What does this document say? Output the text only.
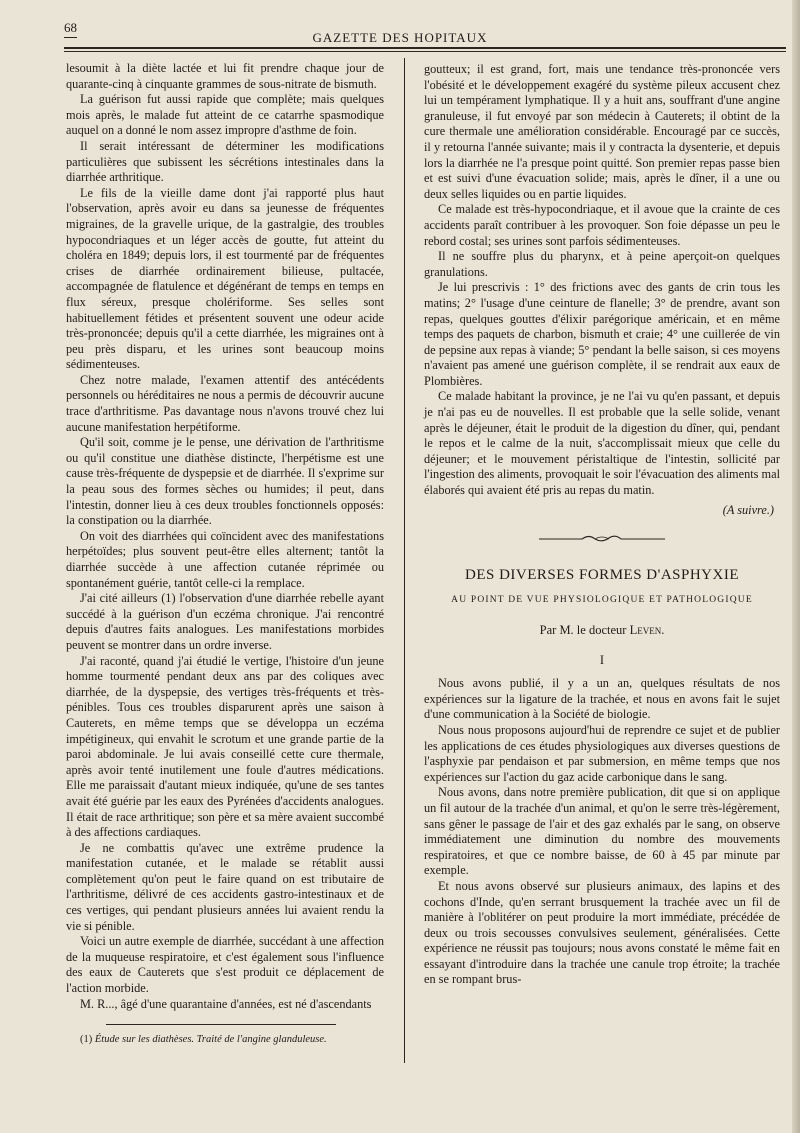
68
GAZETTE DES HOPITAUX

lesoumit à la diète lactée et lui fit prendre chaque jour de quarante-cinq à cinquante grammes de sous-nitrate de bismuth.

La guérison fut aussi rapide que complète; mais quelques mois après, le malade fut atteint de ce catarrhe spasmodique auquel on a donné le nom assez impropre d'asthme de foin.

Il serait intéressant de déterminer les modifications particulières que subissent les sécrétions intestinales dans la diarrhée arthritique.

Le fils de la vieille dame dont j'ai rapporté plus haut l'observation, après avoir eu dans sa jeunesse de fréquentes migraines, de la gravelle urique, de la gastralgie, des troubles hypocondriaques et un léger accès de goutte, fut atteint du choléra en 1849; depuis lors, il est tourmenté par de fréquentes crises de diarrhée ordinairement bilieuse, pultacée, accompagnée de flatulence et dégénérant de temps en temps en flux séreux, presque cholériforme. Ses selles sont habituellement fétides et présentent souvent une odeur acide très-prononcée; depuis qu'il a cette diarrhée, les migraines ont à peu près disparu, et les urines sont beaucoup moins sédimenteuses.

Chez notre malade, l'examen attentif des antécédents personnels ou héréditaires ne nous a permis de découvrir aucune trace d'arthritisme. Pas davantage nous n'avons trouvé chez lui aucune manifestation herpétiforme.

Qu'il soit, comme je le pense, une dérivation de l'arthritisme ou qu'il constitue une diathèse distincte, l'herpétisme est une cause très-fréquente de dyspepsie et de diarrhée. Il s'exprime sur la peau sous des formes sèches ou humides; il peut, dans l'intestin, donner lieu à ces deux troubles fonctionnels opposés: la constipation ou la diarrhée.

On voit des diarrhées qui coïncident avec des manifestations herpétoïdes; plus souvent peut-être elles alternent; tantôt la diarrhée succède à une affection cutanée réprimée ou spontanément guérie, tantôt celle-ci la remplace.

J'ai cité ailleurs (1) l'observation d'une diarrhée rebelle ayant succédé à la guérison d'un eczéma chronique. J'ai rencontré depuis d'autres faits analogues. Les manifestations morbides peuvent se montrer dans un ordre inverse.

J'ai raconté, quand j'ai étudié le vertige, l'histoire d'un jeune homme tourmenté pendant deux ans par des coliques avec diarrhée, de la dyspepsie, des vertiges très-fréquents et très-pénibles. Tous ces troubles disparurent après une saison à Cauterets, en même temps que se développa un eczéma impétigineux, qui envahit le scrotum et une grande partie de la paroi abdominale. Je lui avais conseillé cette cure thermale, après avoir tenté inutilement une foule d'autres médications. Elle me paraissait d'autant mieux indiquée, qu'une de ses tantes avait été guérie par les eaux des Pyrénées d'accidents analogues. Il était de race arthritique; son père et sa mère avaient succombé à des affections cardiaques.

Je ne combattis qu'avec une extrême prudence la manifestation cutanée, et le malade se rétablit aussi complètement qu'on peut le faire quand on est tributaire de l'arthritisme, délivré de ces accidents gastro-intestinaux et de ces vertiges, qui pendant plusieurs années lui avaient rendu la vie si pénible.

Voici un autre exemple de diarrhée, succédant à une affection de la muqueuse respiratoire, et c'est également sous l'influence des eaux de Cauterets que s'est produit ce déplacement de l'action morbide.

M. R..., âgé d'une quarantaine d'années, est né d'ascendants

(1) Étude sur les diathèses. Traité de l'angine glanduleuse.

goutteux; il est grand, fort, mais une tendance très-prononcée vers l'obésité et le développement exagéré du système pileux accusent chez lui un tempérament lymphatique. Il y a huit ans, souffrant d'une angine granuleuse, il fut envoyé par son médecin à Cauterets; il obtint de la cure thermale une amélioration considérable. Encouragé par ce succès, il y retourna l'année suivante; mais il y contracta la dysenterie, et depuis lors la diarrhée ne l'a presque point quitté. Son premier repas passe bien et est suivi d'une évacuation solide; mais, après le dîner, il a une ou deux selles liquides ou en partie liquides.

Ce malade est très-hypocondriaque, et il avoue que la crainte de ces accidents paraît contribuer à les provoquer. Son foie dépasse un peu le rebord costal; ses urines sont parfois sédimenteuses.

Il ne souffre plus du pharynx, et à peine aperçoit-on quelques granulations.

Je lui prescrivis : 1° des frictions avec des gants de crin tous les matins; 2° l'usage d'une ceinture de flanelle; 3° de prendre, avant son repas, quelques gouttes d'élixir parégorique américain, et en même temps des paquets de charbon, bismuth et craie; 4° une cuillerée de vin de pepsine aux repas à viande; 5° pendant la belle saison, si ces moyens n'avaient pas amené une guérison complète, il se rendrait aux eaux de Plombières.

Ce malade habitant la province, je ne l'ai vu qu'en passant, et depuis je n'ai pas eu de nouvelles. Il est probable que la selle solide, venant après le déjeuner, était le produit de la digestion du dîner, qui, pendant le repos et le calme de la nuit, s'accomplissait mieux que celle du déjeuner; et le mouvement péristaltique de l'intestin, sollicité par l'ingestion des aliments, provoquait le soir l'évacuation des aliments mal élaborés qui avaient été pris au repas du matin.

(A suivre.)
DES DIVERSES FORMES D'ASPHYXIE
AU POINT DE VUE PHYSIOLOGIQUE ET PATHOLOGIQUE
Par M. le docteur Leven.
I

Nous avons publié, il y a un an, quelques résultats de nos expériences sur la ligature de la trachée, et nous en avons fait le sujet d'une communication à la Société de biologie.

Nous nous proposons aujourd'hui de reprendre ce sujet et de publier les applications de ces études physiologiques aux diverses questions de l'asphyxie par pendaison et par submersion, en même temps que nos expériences sur l'action du gaz acide carbonique dans le sang.

Nous avons, dans notre première publication, dit que si on applique un fil autour de la trachée d'un animal, et qu'on le serre très-légèrement, sans gêner le passage de l'air et des gaz exhalés par le sang, on observe immédiatement une diminution du nombre des mouvements respiratoires, et que ce nombre baisse, de 60 à 45 par minute par exemple.

Et nous avons observé sur plusieurs animaux, des lapins et des cochons d'Inde, qu'en serrant brusquement la trachée avec un fil de manière à l'oblitérer on peut produire la mort immédiate, précédée de deux ou trois secousses convulsives seulement, généralisées. Cette expérience ne réussit pas toujours; nous avons constaté le même fait en essayant d'introduire dans la trachée une canule trop étroite; la trachée en se rompant brus-
